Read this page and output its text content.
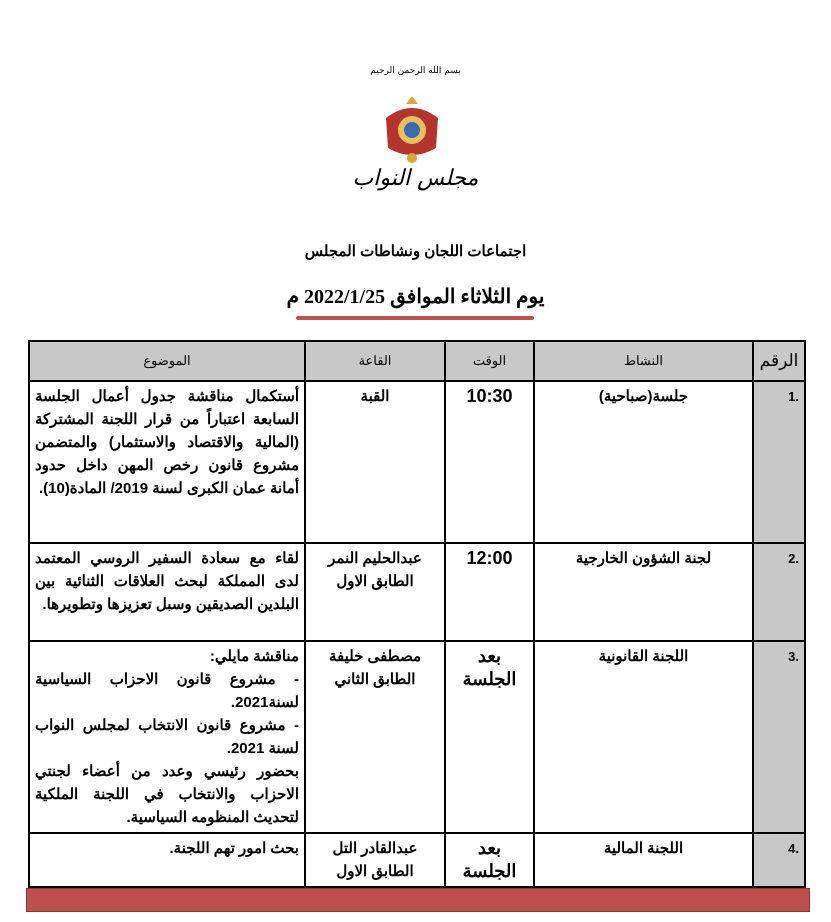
بسم الله الرحمن الرحيم
مجلس النواب
اجتماعات اللجان ونشاطات المجلس
يوم الثلاثاء الموافق 2022/1/25 م
الرقم	النشاط	الوقت	القاعة	الموضوع
.1	جلسة(صباحية)	10:30	القبة	أستكمال مناقشة جدول أعمال الجلسة السابعة اعتباراً من قرار اللجنة المشتركة (المالية والاقتصاد والاستثمار) والمتضمن مشروع قانون رخص المهن داخل حدود أمانة عمان الكبرى لسنة 2019/ المادة(10).
.2	لجنة الشؤون الخارجية	12:00	عبدالحليم النمر الطابق الاول	لقاء مع سعادة السفير الروسي المعتمد لدى المملكة لبحث العلاقات الثنائية بين البلدين الصديقين وسبل تعزيزها وتطويرها.
.3	اللجنة القانونية	بعد الجلسة	مصطفى خليفة الطابق الثاني	مناقشة مايلي:
- مشروع قانون الاحزاب السياسية لسنة2021.
- مشروع قانون الانتخاب لمجلس النواب لسنة 2021.
بحضور رئيسي وعدد من أعضاء لجنتي الاحزاب والانتخاب في اللجنة الملكية لتحديث المنظومه السياسية.

.4	اللجنة المالية	بعد الجلسة	عبدالقادر التل الطابق الاول	بحث امور تهم اللجنة.
